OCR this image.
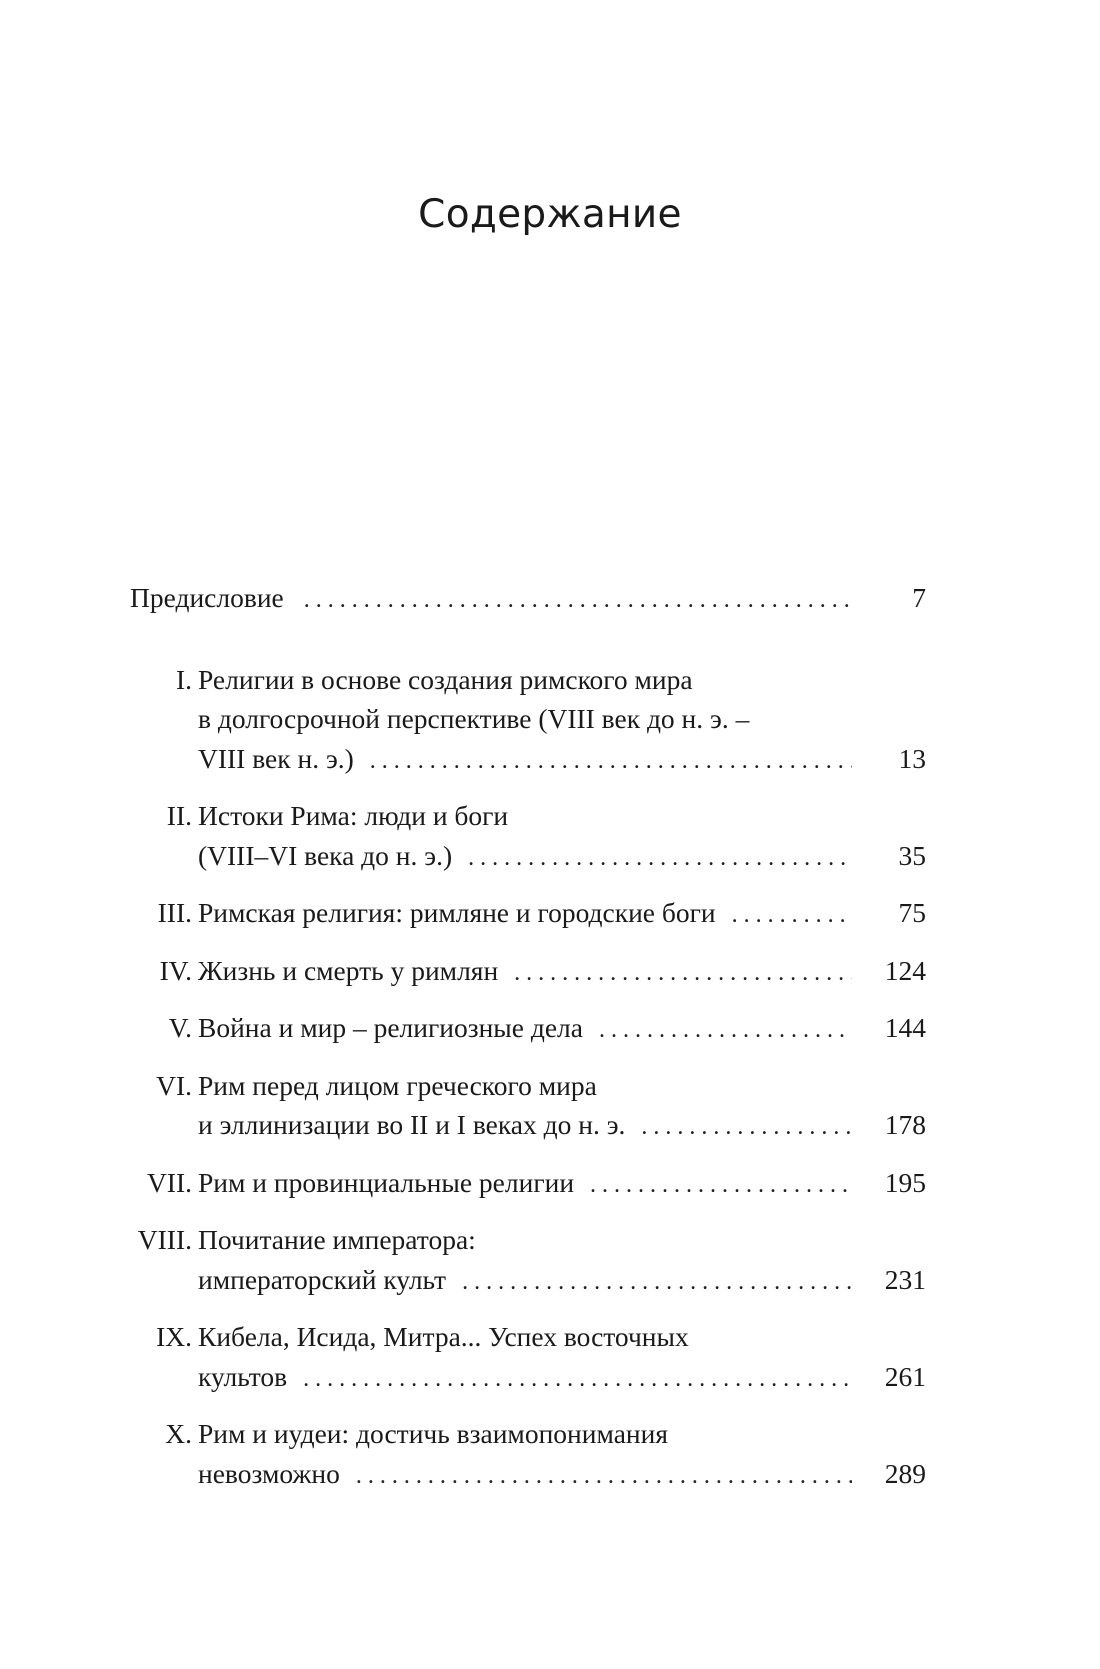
Содержание
Предисловие . . .	7
I. Религии в основе создания римского мира
в долгосрочной перспективе (VIII век до н. э. –
VIII век н. э.) . . .	13
II. Истоки Рима: люди и боги
(VIII–VI века до н. э.) . . .	35
III. Римская религия: римляне и городские боги . . .	75
IV. Жизнь и смерть у римлян . . .	124
V. Война и мир – религиозные дела . . .	144
VI. Рим перед лицом греческого мира
и эллинизации во II и I веках до н. э. . . .	178
VII. Рим и провинциальные религии . . .	195
VIII. Почитание императора:
императорский культ . . .	231
IX. Кибела, Исида, Митра... Успех восточных
культов . . .	261
X. Рим и иудеи: достичь взаимопонимания
невозможно . . .	289
